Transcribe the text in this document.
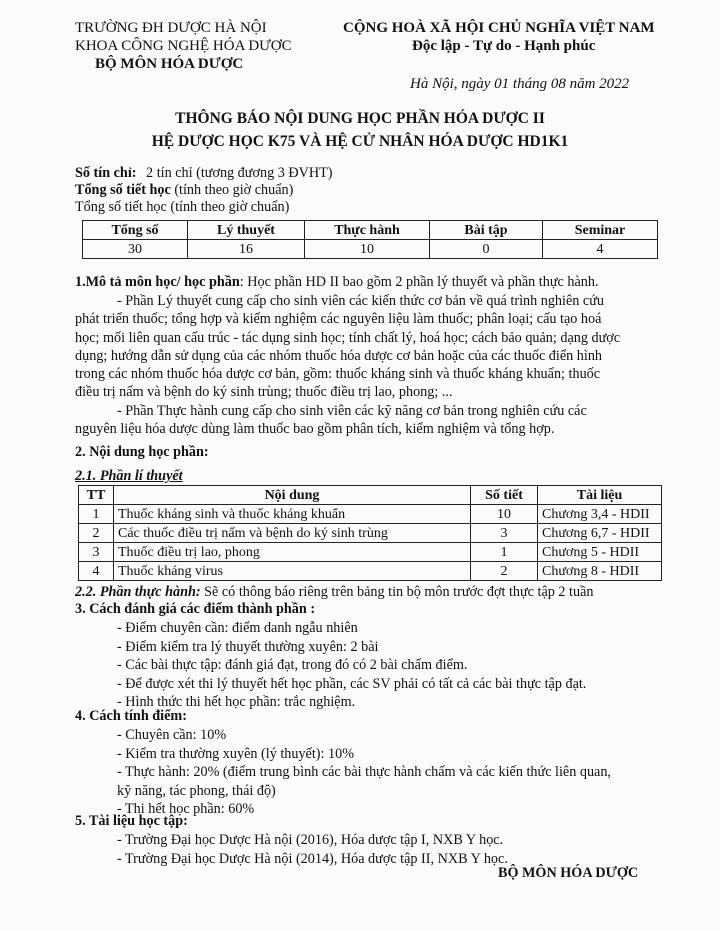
TRƯỜNG ĐH DƯỢC HÀ NỘI
KHOA CÔNG NGHỆ HÓA DƯỢC
BỘ MÔN HÓA DƯỢC
CỘNG HOÀ XÃ HỘI CHỦ NGHĨA VIỆT NAM
Độc lập - Tự do - Hạnh phúc
Hà Nội, ngày 01 tháng 08 năm 2022
THÔNG BÁO NỘI DUNG HỌC PHẦN HÓA DƯỢC II
HỆ DƯỢC HỌC K75 VÀ HỆ CỬ NHÂN HÓA DƯỢC HD1K1
Số tín chỉ: 2 tín chỉ (tương đương 3 ĐVHT)
Tổng số tiết học (tính theo giờ chuẩn)
Tổng số tiết học (tính theo giờ chuẩn)
Tổng số	Lý thuyết	Thực hành	Bài tập	Seminar
30	16	10	0	4
1.Mô tả môn học/ học phần: Học phần HD II bao gồm 2 phần lý thuyết và phần thực hành.
- Phần Lý thuyết cung cấp cho sinh viên các kiến thức cơ bản về quá trình nghiên cứu
phát triển thuốc; tổng hợp và kiểm nghiệm các nguyên liệu làm thuốc; phân loại; cấu tạo hoá
học; mối liên quan cấu trúc - tác dụng sinh học; tính chất lý, hoá học; cách bảo quản; dạng dược
dụng; hướng dẫn sử dụng của các nhóm thuốc hóa dược cơ bản hoặc của các thuốc điển hình
trong các nhóm thuốc hóa dược cơ bản, gồm: thuốc kháng sinh và thuốc kháng khuẩn; thuốc
điều trị nấm và bệnh do ký sinh trùng; thuốc điều trị lao, phong; ...
- Phần Thực hành cung cấp cho sinh viên các kỹ năng cơ bản trong nghiên cứu các
nguyên liệu hóa dược dùng làm thuốc bao gồm phân tích, kiểm nghiệm và tổng hợp.
2. Nội dung học phần:
2.1. Phần lí thuyết
TT	Nội dung	Số tiết	Tài liệu
1	Thuốc kháng sinh và thuốc kháng khuẩn	10	Chương 3,4 - HDII
2	Các thuốc điều trị nấm và bệnh do ký sinh trùng	3	Chương 6,7 - HDII
3	Thuốc điều trị lao, phong	1	Chương 5 - HDII
4	Thuốc kháng virus	2	Chương 8 - HDII
2.2. Phần thực hành: Sẽ có thông báo riêng trên bảng tin bộ môn trước đợt thực tập 2 tuần
3. Cách đánh giá các điểm thành phần :
- Điểm chuyên cần: điểm danh ngẫu nhiên
- Điểm kiểm tra lý thuyết thường xuyên: 2 bài
- Các bài thực tập: đánh giá đạt, trong đó có 2 bài chấm điểm.
- Để được xét thi lý thuyết hết học phần, các SV phải có tất cả các bài thực tập đạt.
- Hình thức thi hết học phần: trắc nghiệm.
4. Cách tính điểm:
- Chuyên cần: 10%
- Kiểm tra thường xuyên (lý thuyết): 10%
- Thực hành: 20% (điểm trung bình các bài thực hành chấm và các kiến thức liên quan,
kỹ năng, tác phong, thái độ)
- Thi hết học phần: 60%
5. Tài liệu học tập:
- Trường Đại học Dược Hà nội (2016), Hóa dược tập I, NXB Y học.
- Trường Đại học Dược Hà nội (2014), Hóa dược tập II, NXB Y học.
BỘ MÔN HÓA DƯỢC
